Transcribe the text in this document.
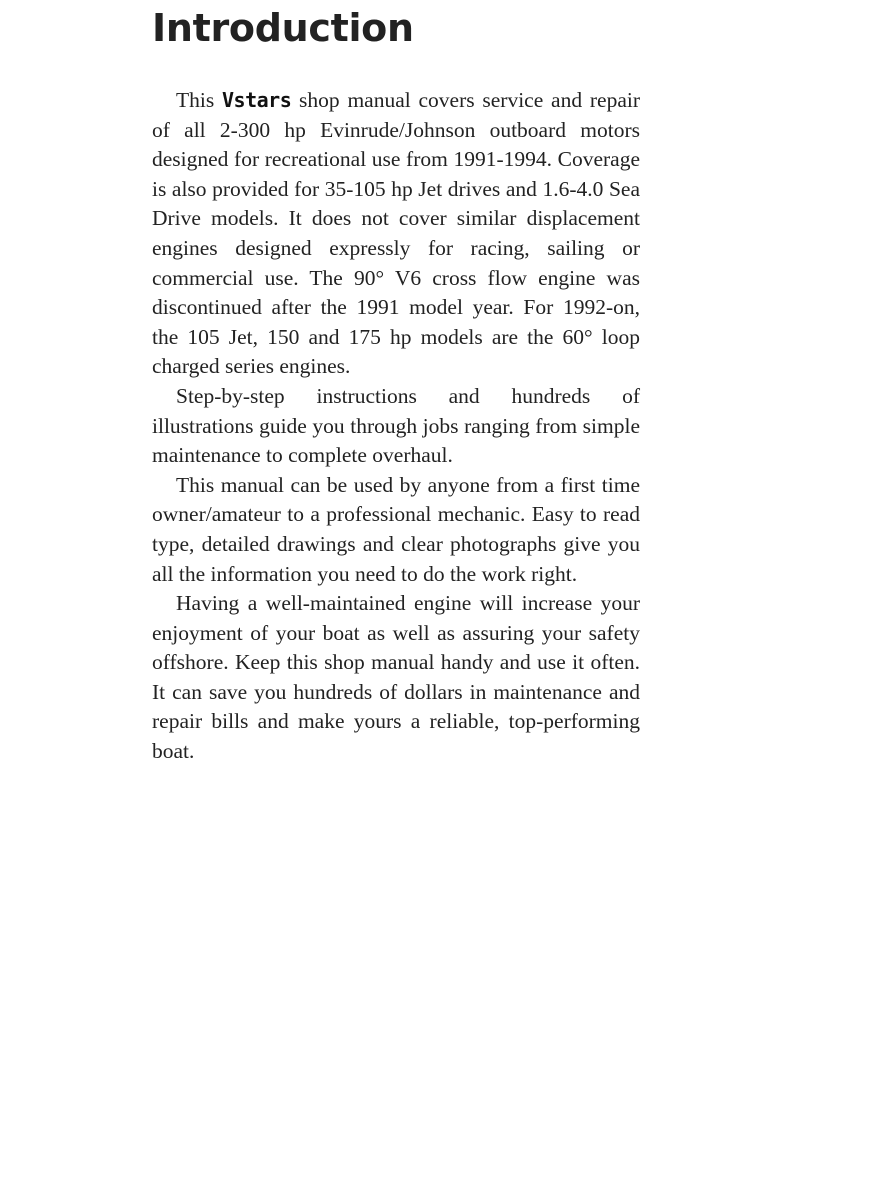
Introduction

This Vstars shop manual covers service and repair of all 2-300 hp Evinrude/Johnson outboard motors designed for recreational use from 1991-1994. Coverage is also provided for 35-105 hp Jet drives and 1.6-4.0 Sea Drive models. It does not cover similar displacement engines designed expressly for racing, sailing or commercial use. The 90° V6 cross flow engine was discontinued after the 1991 model year. For 1992-on, the 105 Jet, 150 and 175 hp models are the 60° loop charged series engines.

Step-by-step instructions and hundreds of illustrations guide you through jobs ranging from simple maintenance to complete overhaul.

This manual can be used by anyone from a first time owner/amateur to a professional mechanic. Easy to read type, detailed drawings and clear photographs give you all the information you need to do the work right.

Having a well-maintained engine will increase your enjoyment of your boat as well as assuring your safety offshore. Keep this shop manual handy and use it often. It can save you hundreds of dollars in maintenance and repair bills and make yours a reliable, top-performing boat.
